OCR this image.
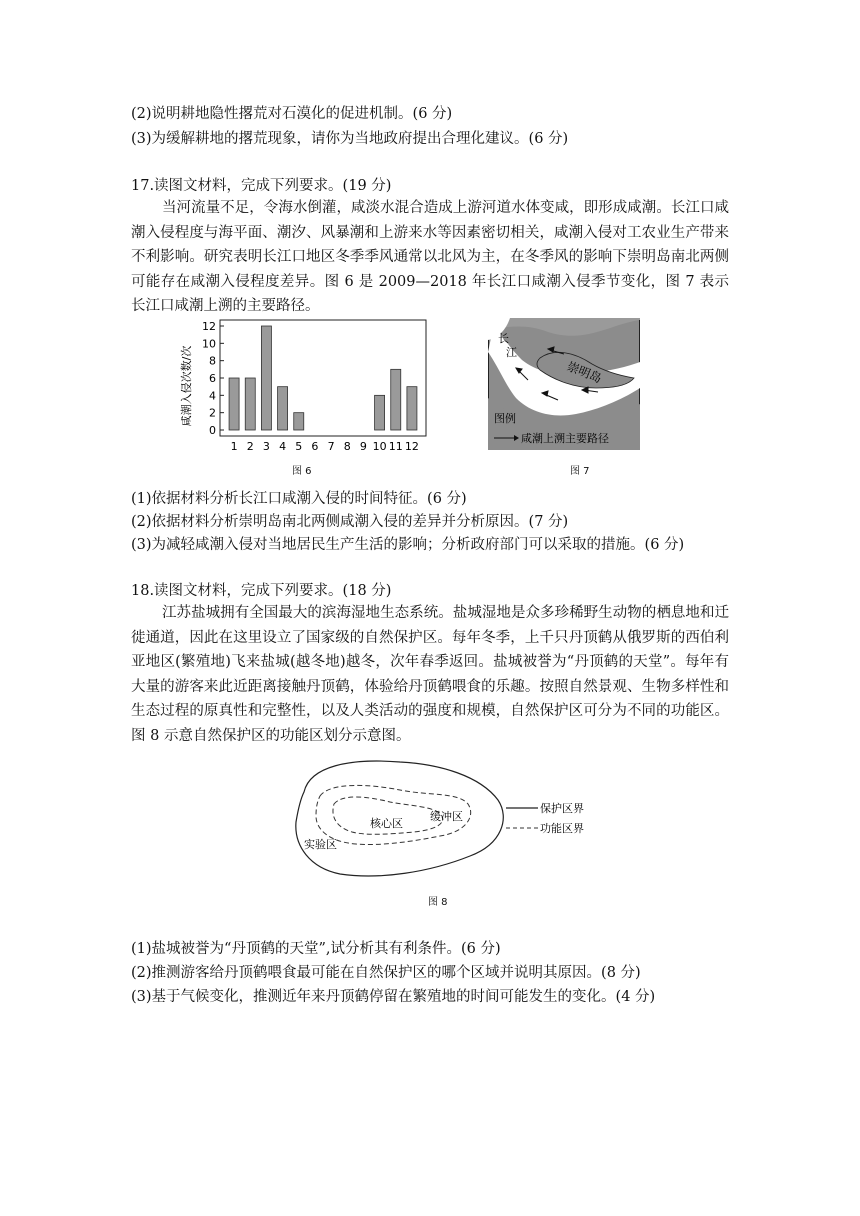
(2)说明耕地隐性撂荒对石漠化的促进机制。(6 分)
(3)为缓解耕地的撂荒现象，请你为当地政府提出合理化建议。(6 分)
17.读图文材料，完成下列要求。(19 分)
当河流量不足，令海水倒灌，咸淡水混合造成上游河道水体变咸，即形成咸潮。长江口咸潮入侵程度与海平面、潮汐、风暴潮和上游来水等因素密切相关，咸潮入侵对工农业生产带来不利影响。研究表明长江口地区冬季季风通常以北风为主，在冬季风的影响下崇明岛南北两侧可能存在咸潮入侵程度差异。图 6 是 2009—2018 年长江口咸潮入侵季节变化，图 7 表示长江口咸潮上溯的主要路径。
咸潮入侵次数/次
0
2
4
6
8
10
12
1 2 3 4 5 6 7 8 9 10 11 12
图 6
长江
崇明岛
图例
咸潮上溯主要路径
图 7
(1)依据材料分析长江口咸潮入侵的时间特征。(6 分)
(2)依据材料分析崇明岛南北两侧咸潮入侵的差异并分析原因。(7 分)
(3)为减轻咸潮入侵对当地居民生产生活的影响；分析政府部门可以采取的措施。(6 分)
18.读图文材料，完成下列要求。(18 分)
江苏盐城拥有全国最大的滨海湿地生态系统。盐城湿地是众多珍稀野生动物的栖息地和迁徙通道，因此在这里设立了国家级的自然保护区。每年冬季，上千只丹顶鹤从俄罗斯的西伯利亚地区(繁殖地)飞来盐城(越冬地)越冬，次年春季返回。盐城被誉为“丹顶鹤的天堂”。每年有大量的游客来此近距离接触丹顶鹤，体验给丹顶鹤喂食的乐趣。按照自然景观、生物多样性和生态过程的原真性和完整性，以及人类活动的强度和规模，自然保护区可分为不同的功能区。图 8 示意自然保护区的功能区划分示意图。
核心区
缓冲区
实验区
保护区界
功能区界
图 8
(1)盐城被誉为“丹顶鹤的天堂”,试分析其有利条件。(6 分)
(2)推测游客给丹顶鹤喂食最可能在自然保护区的哪个区域并说明其原因。(8 分)
(3)基于气候变化，推测近年来丹顶鹤停留在繁殖地的时间可能发生的变化。(4 分)
